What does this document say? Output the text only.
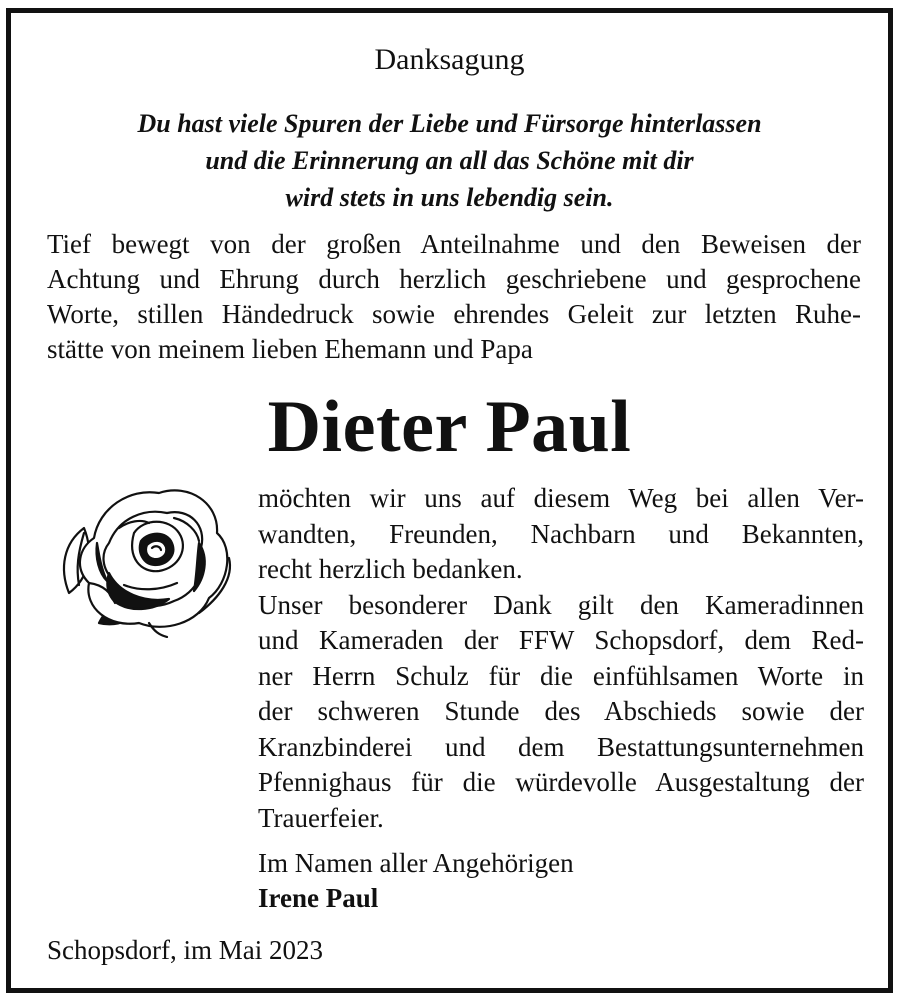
Danksagung
Du hast viele Spuren der Liebe und Fürsorge hinterlassen
und die Erinnerung an all das Schöne mit dir
wird stets in uns lebendig sein.
Tief bewegt von der großen Anteilnahme und den Beweisen der
Achtung und Ehrung durch herzlich geschriebene und gesprochene
Worte, stillen Händedruck sowie ehrendes Geleit zur letzten Ruhe-
stätte von meinem lieben Ehemann und Papa
Dieter Paul
möchten wir uns auf diesem Weg bei allen Ver-
wandten, Freunden, Nachbarn und Bekannten,
recht herzlich bedanken.
Unser besonderer Dank gilt den Kameradinnen
und Kameraden der FFW Schopsdorf, dem Red-
ner Herrn Schulz für die einfühlsamen Worte in
der schweren Stunde des Abschieds sowie der
Kranzbinderei und dem Bestattungsunternehmen
Pfennighaus für die würdevolle Ausgestaltung der
Trauerfeier.
Im Namen aller Angehörigen
Irene Paul
Schopsdorf, im Mai 2023
